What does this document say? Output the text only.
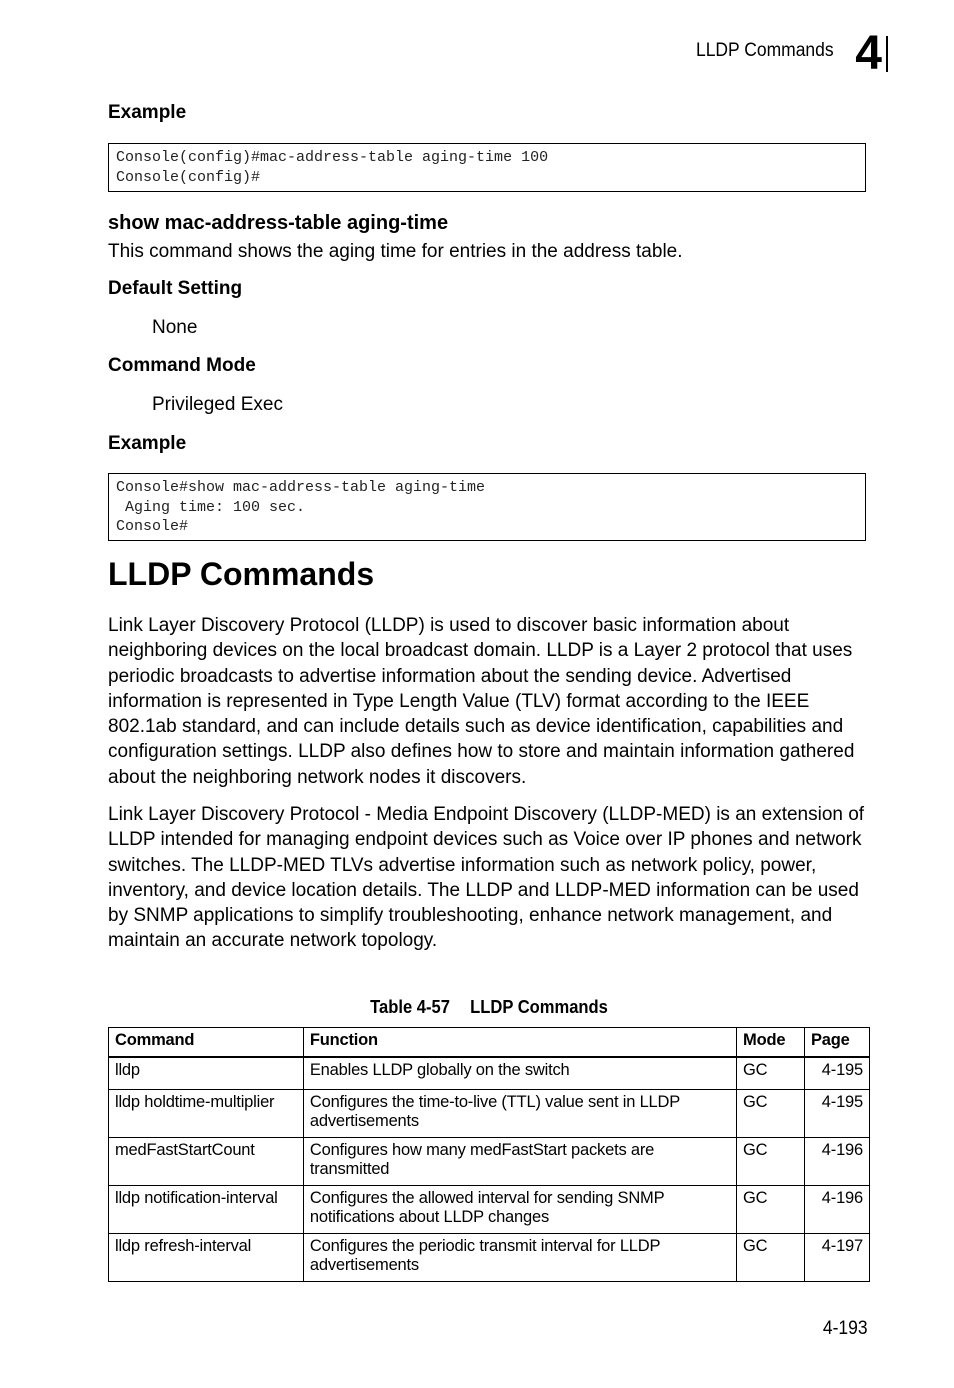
LLDP Commands 4
Example
Console(config)#mac-address-table aging-time 100
Console(config)#
show mac-address-table aging-time
This command shows the aging time for entries in the address table.
Default Setting
None
Command Mode
Privileged Exec
Example
Console#show mac-address-table aging-time
Aging time: 100 sec.
Console#
LLDP Commands
Link Layer Discovery Protocol (LLDP) is used to discover basic information about neighboring devices on the local broadcast domain. LLDP is a Layer 2 protocol that uses periodic broadcasts to advertise information about the sending device. Advertised information is represented in Type Length Value (TLV) format according to the IEEE 802.1ab standard, and can include details such as device identification, capabilities and configuration settings. LLDP also defines how to store and maintain information gathered about the neighboring network nodes it discovers.
Link Layer Discovery Protocol - Media Endpoint Discovery (LLDP-MED) is an extension of LLDP intended for managing endpoint devices such as Voice over IP phones and network switches. The LLDP-MED TLVs advertise information such as network policy, power, inventory, and device location details. The LLDP and LLDP-MED information can be used by SNMP applications to simplify troubleshooting, enhance network management, and maintain an accurate network topology.
Table 4-57 LLDP Commands
Command	Function	Mode	Page
lldp	Enables LLDP globally on the switch	GC	4-195
lldp holdtime-multiplier	Configures the time-to-live (TTL) value sent in LLDP advertisements	GC	4-195
medFastStartCount	Configures how many medFastStart packets are transmitted	GC	4-196
lldp notification-interval	Configures the allowed interval for sending SNMP notifications about LLDP changes	GC	4-196
lldp refresh-interval	Configures the periodic transmit interval for LLDP advertisements	GC	4-197
4-193
